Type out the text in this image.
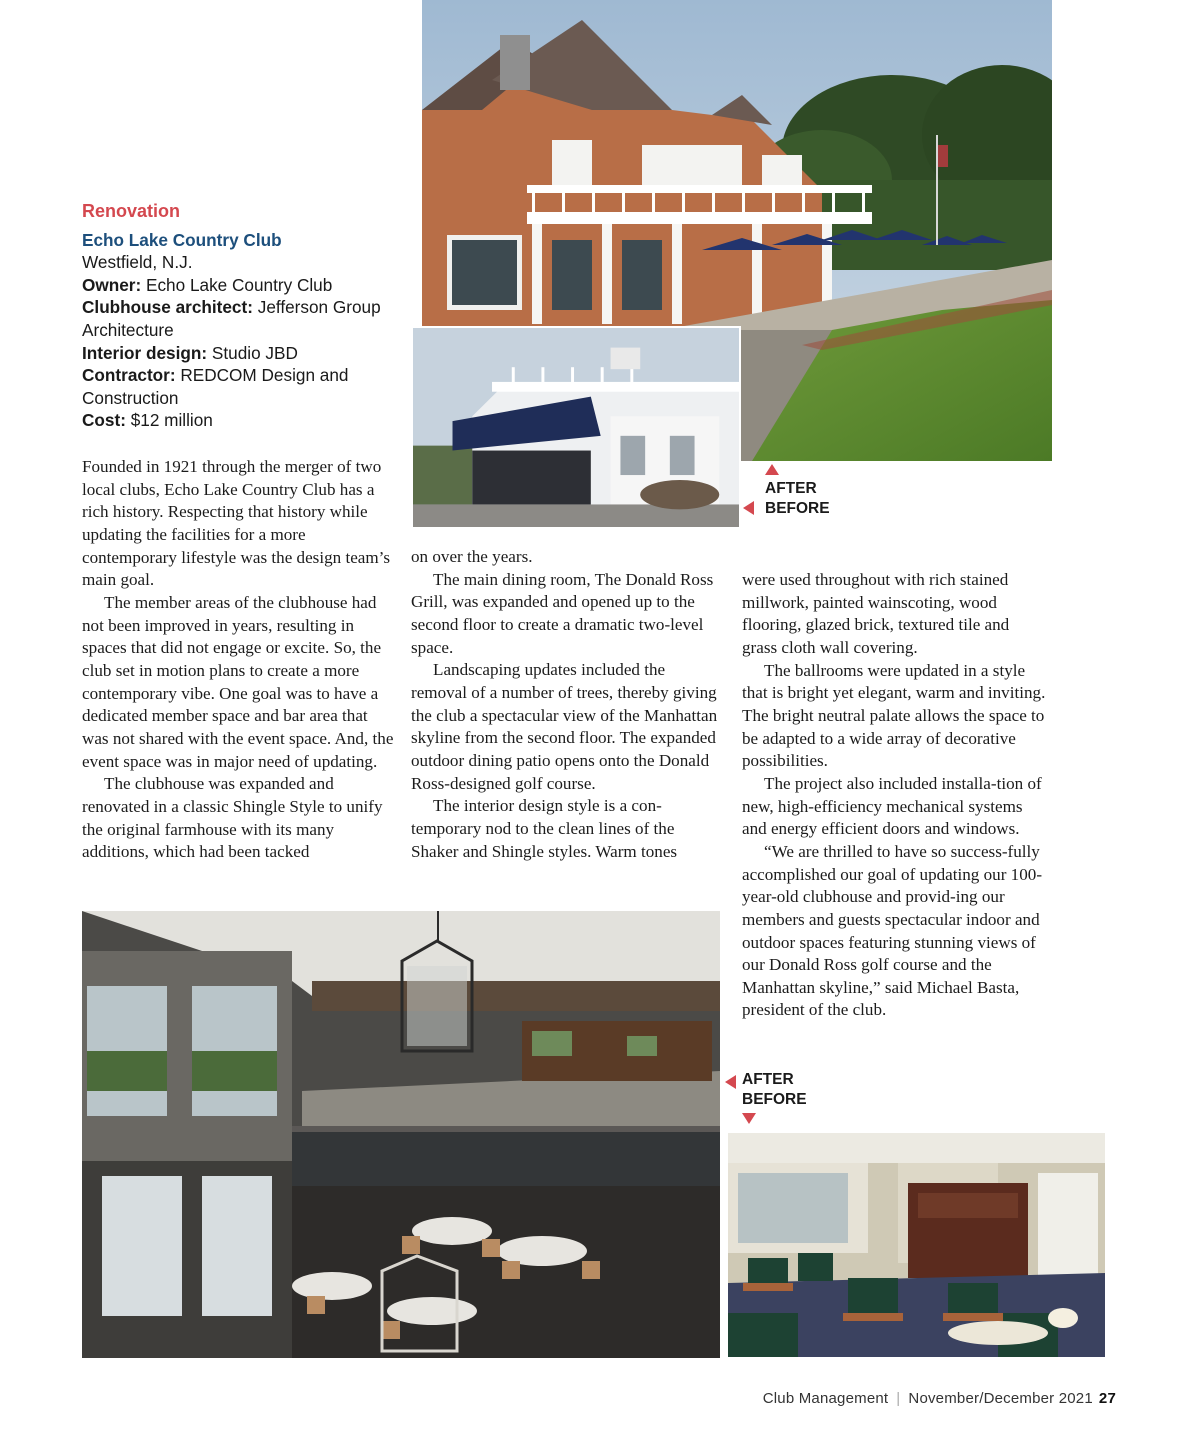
Renovation
Echo Lake Country Club
Westfield, N.J.
Owner: Echo Lake Country Club
Clubhouse architect: Jefferson Group Architecture
Interior design: Studio JBD
Contractor: REDCOM Design and Construction
Cost: $12 million

Founded in 1921 through the merger of two local clubs, Echo Lake Country Club has a rich history. Respecting that history while updating the facilities for a more contemporary lifestyle was the design team’s main goal.

The member areas of the clubhouse had not been improved in years, resulting in spaces that did not engage or excite. So, the club set in motion plans to create a more contemporary vibe. One goal was to have a dedicated member space and bar area that was not shared with the event space. And, the event space was in major need of updating.

The clubhouse was expanded and renovated in a classic Shingle Style to unify the original farmhouse with its many additions, which had been tacked

on over the years.

The main dining room, The Donald Ross Grill, was expanded and opened up to the second floor to create a dramatic two-level space.

Landscaping updates included the removal of a number of trees, thereby giving the club a spectacular view of the Manhattan skyline from the second floor. The expanded outdoor dining patio opens onto the Donald Ross-designed golf course.

The interior design style is a con-temporary nod to the clean lines of the Shaker and Shingle styles. Warm tones

were used throughout with rich stained millwork, painted wainscoting, wood flooring, glazed brick, textured tile and grass cloth wall covering.

The ballrooms were updated in a style that is bright yet elegant, warm and inviting. The bright neutral palate allows the space to be adapted to a wide array of decorative possibilities.

The project also included installa-tion of new, high-efficiency mechanical systems and energy efficient doors and windows.

“We are thrilled to have so success-fully accomplished our goal of updating our 100-year-old clubhouse and provid-ing our members and guests spectacular indoor and outdoor spaces featuring stunning views of our Donald Ross golf course and the Manhattan skyline,” said Michael Basta, president of the club.

AFTER
BEFORE
AFTER
BEFORE
Club Management | November/December 2021 27
